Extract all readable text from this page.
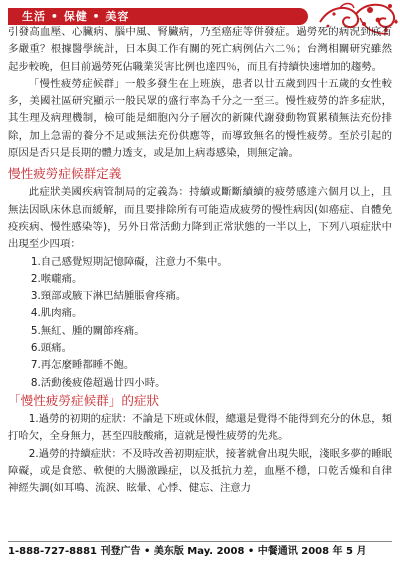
生活 • 保健 • 美容

引發高血壓、心臟病、腦中風、腎臟病，乃至癌症等併發症。過勞死的病況到底有多嚴重？根據醫學統計，日本與工作有關的死亡病例佔六二％；台灣相關研究雖然起步較晚，但目前過勞死佔職業災害比例也達四％，而且有持續快速增加的趨勢。

「慢性疲勞症候群」一般多發生在上班族，患者以廿五歲到四十五歲的女性較多，美國社區研究顯示一般民眾的盛行率為千分之一至三。慢性疲勞的許多症狀，其生理及病理機制，檢可能是細胞內分子層次的新陳代謝發動物質累積無法充份排除，加上急需的養分不足或無法充份供應等，而導致無名的慢性疲勞。至於引起的原因是否只是長期的體力透支，或是加上病毒感染，則無定論。

慢性疲勞症候群定義

此症狀美國疾病管制局的定義為：持續或斷斷續續的疲勞感達六個月以上，且無法因臥床休息而緩解，而且要排除所有可能造成疲勞的慢性病因(如癌症、自體免疫疾病、慢性感染等)，另外日常活動力降到正常狀態的一半以上，下列八項症狀中出現至少四項：

1.自己感覺短期記憶障礙，注意力不集中。

2.喉嚨痛。

3.頸部或腋下淋巴結腫脹會疼痛。

4.肌肉痛。

5.無紅、腫的關節疼痛。

6.頭痛。

7.再怎麼睡都睡不飽。

8.活動後疲倦超過廿四小時。

「慢性疲勞症候群」的症狀

1.過勞的初期的症狀：不論是下班或休假，總還是覺得不能得到充分的休息，頻打哈欠，全身無力，甚至四肢酸痛，這就是慢性疲勞的先兆。

2.過勞的持續症狀：不及時改善初期症狀，接著就會出現失眠，淺眠多夢的睡眠障礙，或是食慾、軟便的大腸激躁症，以及抵抗力差，血壓不穩，口乾舌燥和自律神經失調(如耳鳴、流淚、眩暈、心悸、健忘、注意力

1-888-727-8881 刊登广告 • 美东版 May. 2008 • 中餐通讯 2008 年 5 月
